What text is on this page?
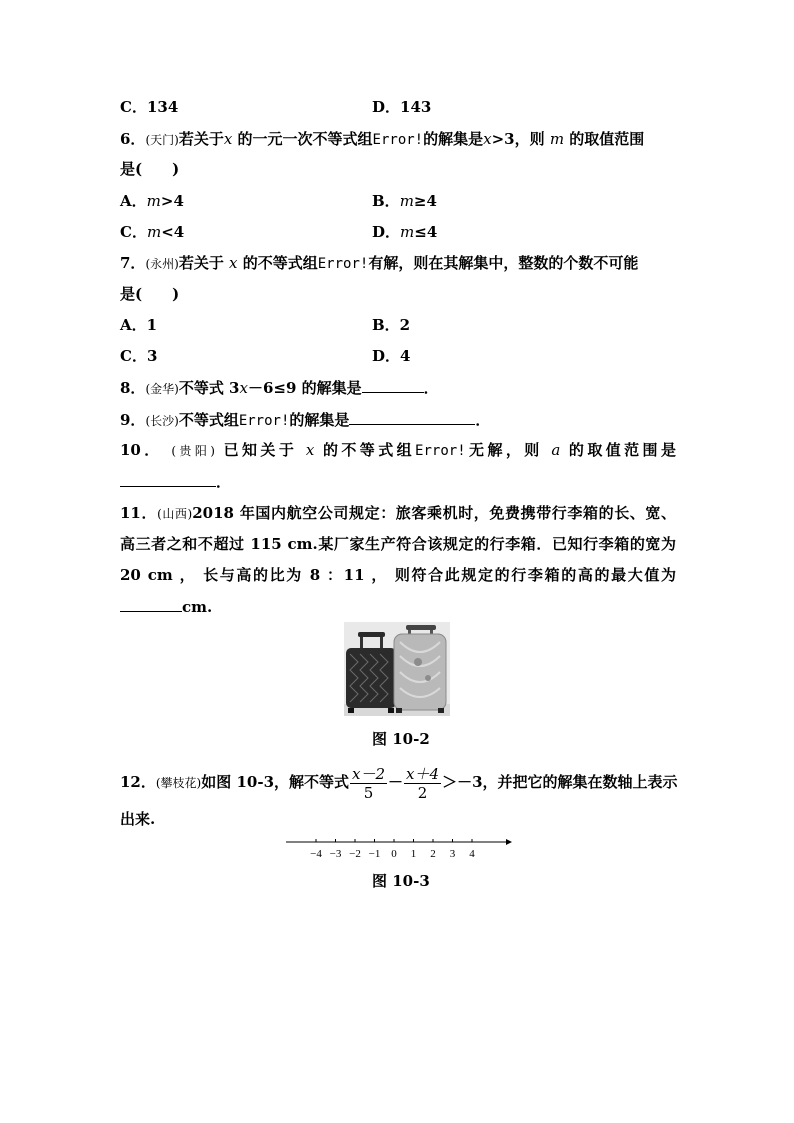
C．134	D．143
6．(天门)若关于x 的一元一次不等式组Error!的解集是x>3，则 m 的取值范围
是(　　)
A．m>4	B．m≥4
C．m<4	D．m≤4
7．(永州)若关于 x 的不等式组Error!有解，则在其解集中，整数的个数不可能
是(　　)
A．1	B．2
C．3	D．4
8．(金华)不等式 3x－6≤9 的解集是	．
9．(长沙)不等式组Error!的解集是	．
10． (贵阳) 已知关于 x 的不等式组Error!无解，则 a 的取值范围是
．
11．(山西)2018 年国内航空公司规定：旅客乘机时，免费携带行李箱的长、宽、
高三者之和不超过 115 cm.某厂家生产符合该规定的行李箱．已知行李箱的宽为
20 cm ， 长与高的比为 8 ：11 ， 则符合此规定的行李箱的高的最大值为
cm.
图 10-2
12．(攀枝花)如图 10-3，解不等式 $\frac{x-2}{5} - \frac{x+4}{2} >-3$，并把它的解集在数轴上表示
出来.
−4 −3 −2 −1 0 1 2 3 4
图 10-3
